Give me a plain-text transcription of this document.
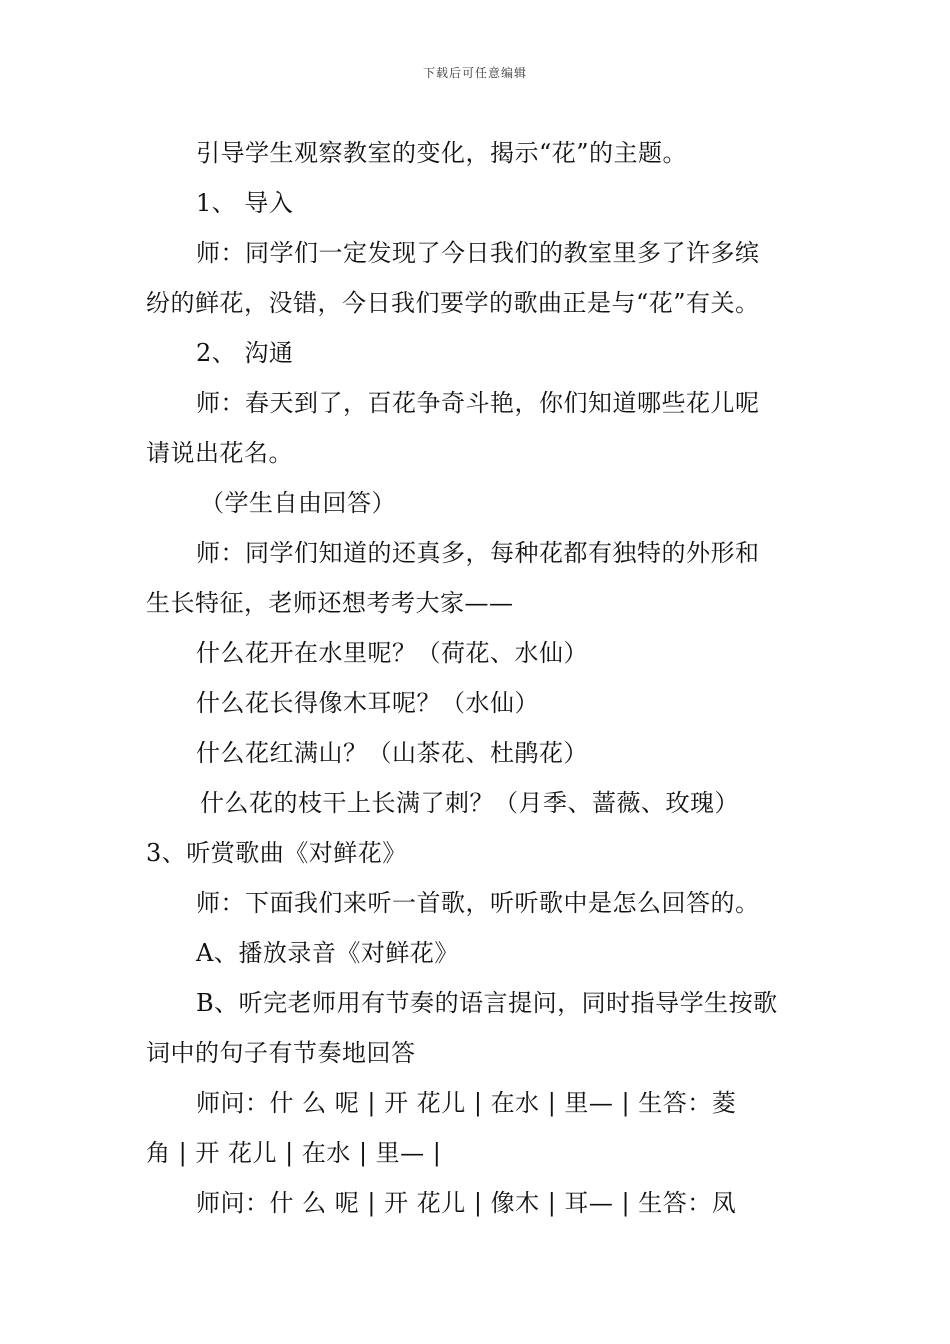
下载后可任意编辑
引导学生观察教室的变化，揭示“花”的主题。
1、 导入
师：同学们一定发现了今日我们的教室里多了许多缤
纷的鲜花，没错，今日我们要学的歌曲正是与“花”有关。
2、 沟通
师：春天到了，百花争奇斗艳，你们知道哪些花儿呢
请说出花名。
（学生自由回答）
师：同学们知道的还真多，每种花都有独特的外形和
生长特征，老师还想考考大家——
什么花开在水里呢？（荷花、水仙）
什么花长得像木耳呢？（水仙）
什么花红满山？（山茶花、杜鹃花）
什么花的枝干上长满了刺？（月季、蔷薇、玫瑰）
3、听赏歌曲《对鲜花》
师：下面我们来听一首歌，听听歌中是怎么回答的。
A、播放录音《对鲜花》
B、听完老师用有节奏的语言提问，同时指导学生按歌
词中的句子有节奏地回答
师问：什 么 呢 | 开 花儿 | 在水 | 里— | 生答：菱
角 | 开 花儿 | 在水 | 里— |
师问：什 么 呢 | 开 花儿 | 像木 | 耳— | 生答：凤
